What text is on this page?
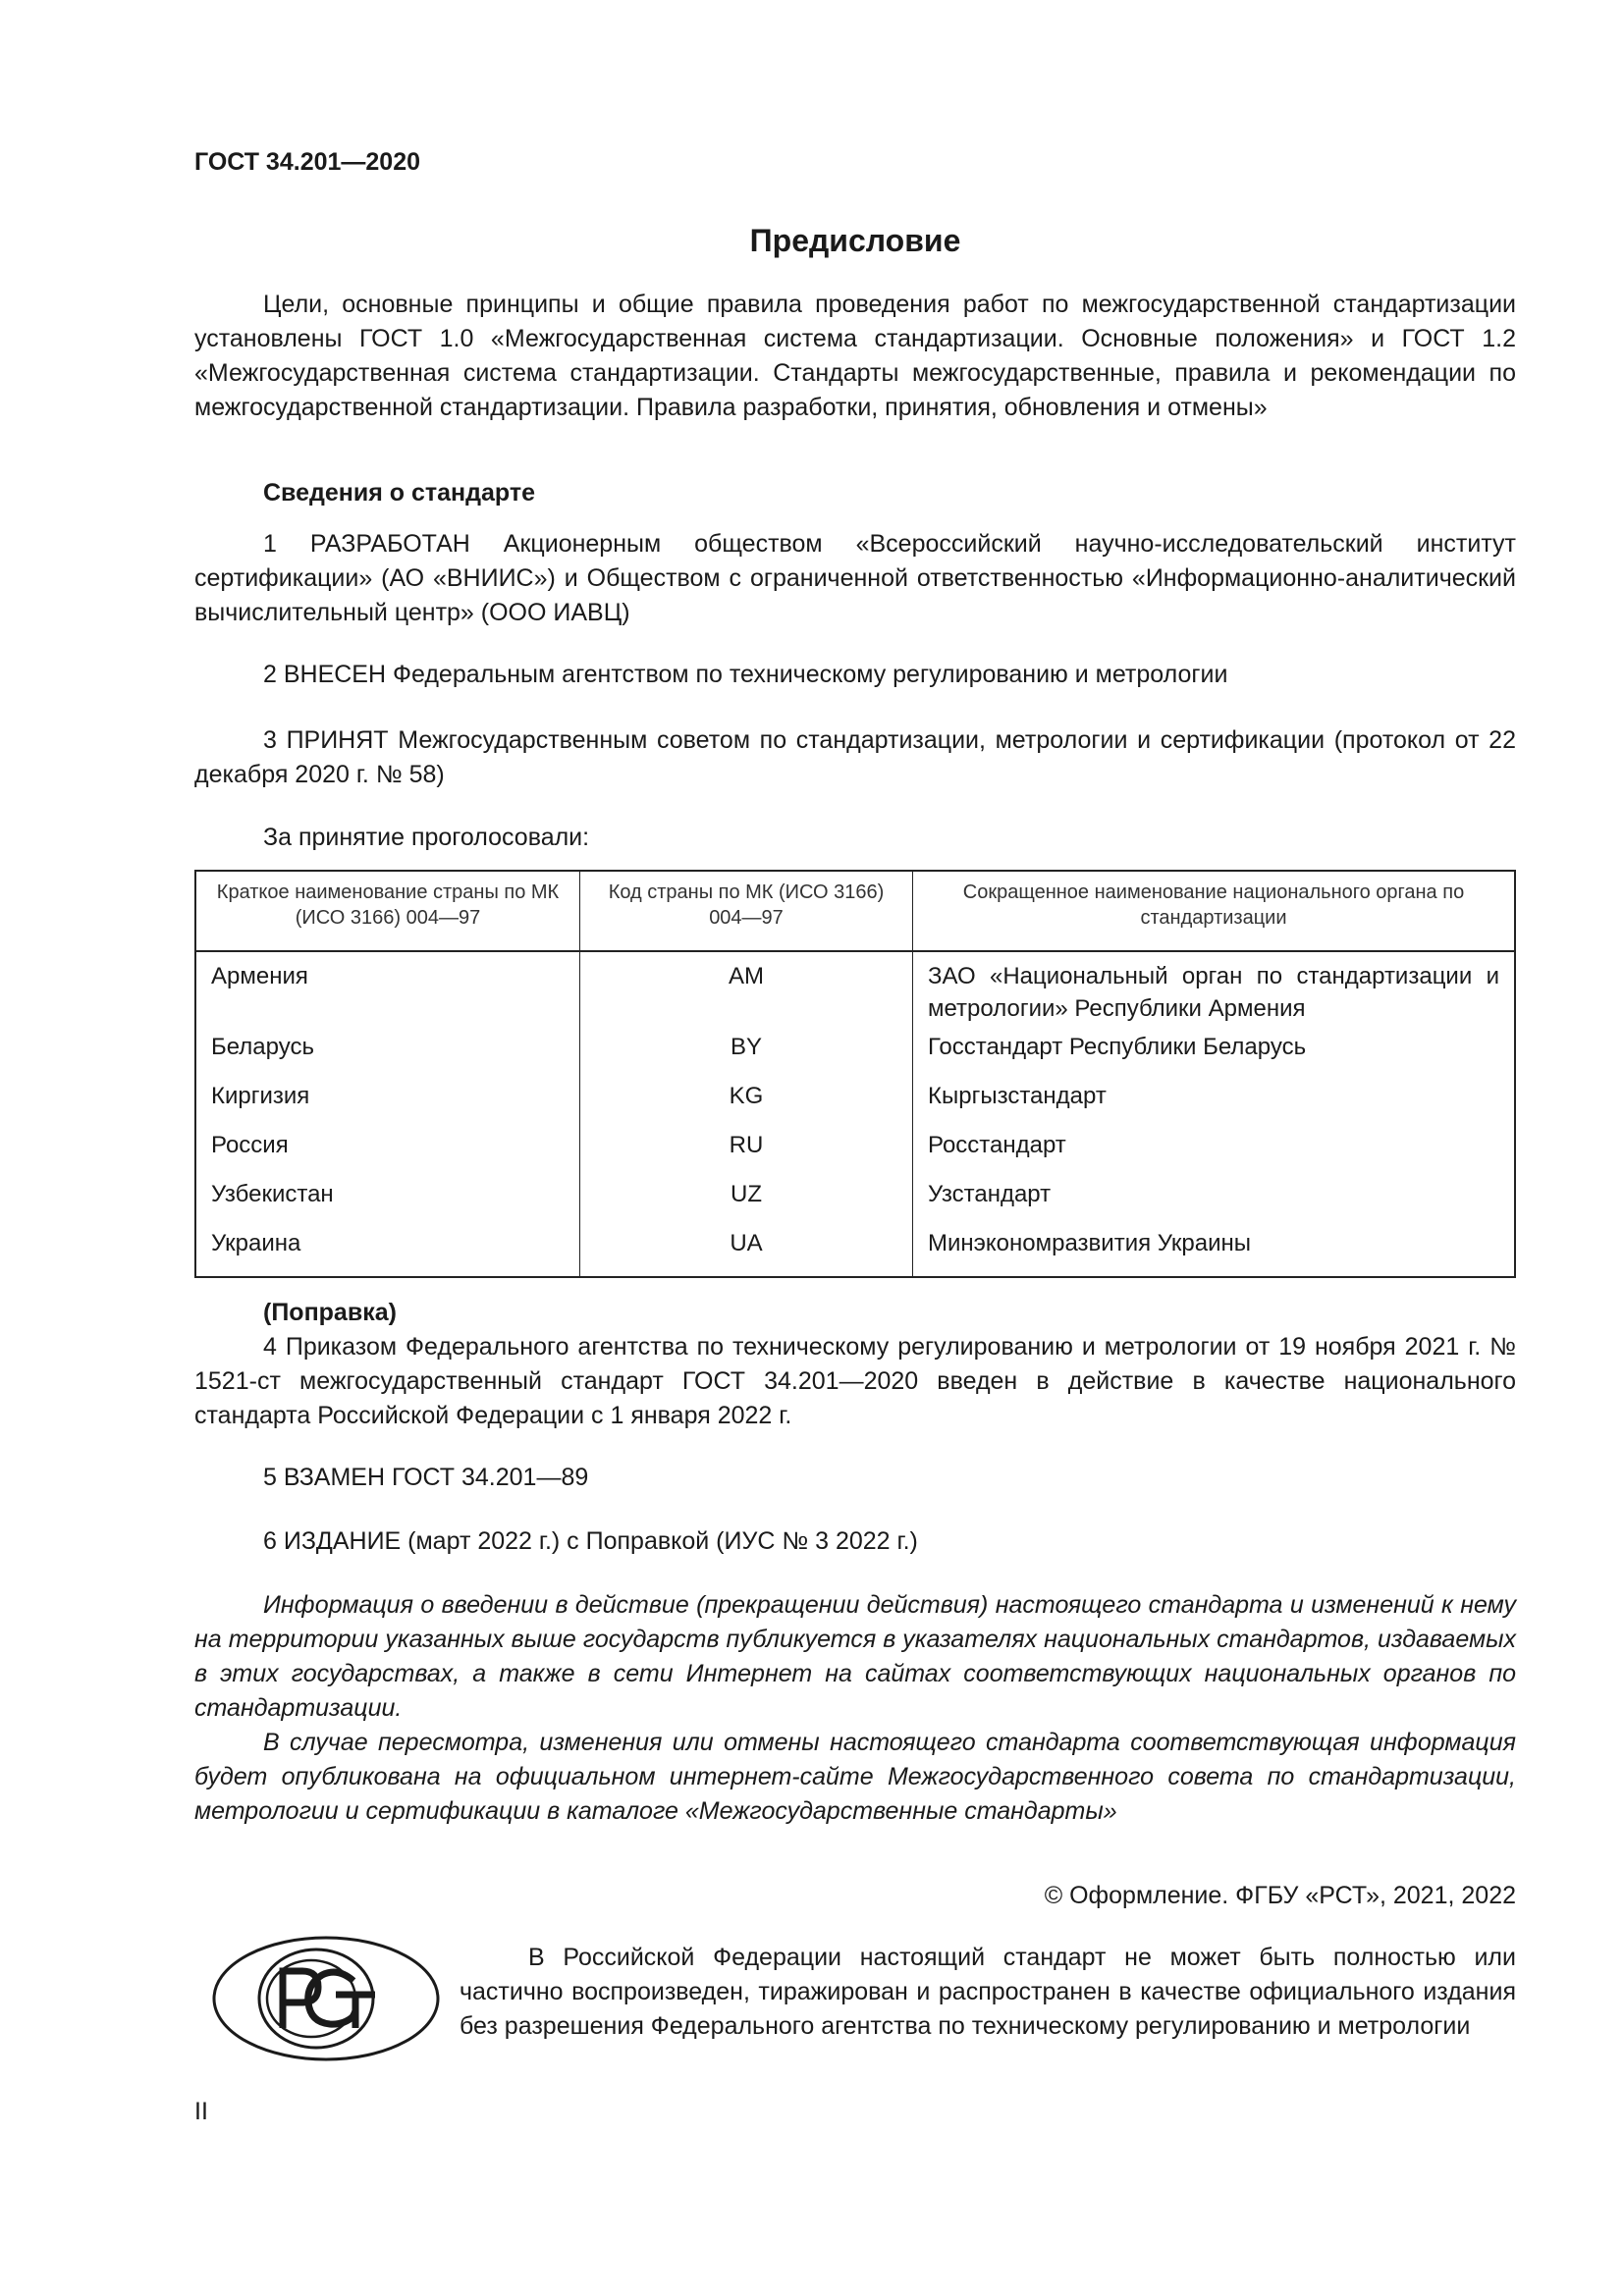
ГОСТ 34.201—2020
Предисловие
Цели, основные принципы и общие правила проведения работ по межгосударственной стандартизации установлены ГОСТ 1.0 «Межгосударственная система стандартизации. Основные положения» и ГОСТ 1.2 «Межгосударственная система стандартизации. Стандарты межгосударственные, правила и рекомендации по межгосударственной стандартизации. Правила разработки, принятия, обновления и отмены»
Сведения о стандарте
1 РАЗРАБОТАН Акционерным обществом «Всероссийский научно-исследовательский институт сертификации» (АО «ВНИИС») и Обществом с ограниченной ответственностью «Информационно-аналитический вычислительный центр» (ООО ИАВЦ)
2 ВНЕСЕН Федеральным агентством по техническому регулированию и метрологии
3 ПРИНЯТ Межгосударственным советом по стандартизации, метрологии и сертификации (протокол от 22 декабря 2020 г. № 58)
За принятие проголосовали:
Краткое наименование страны по МК (ИСО 3166) 004—97	Код страны по МК (ИСО 3166) 004—97	Сокращенное наименование национального органа по стандартизации
Армения	AM	ЗАО «Национальный орган по стандартизации и метрологии» Республики Армения
Беларусь	BY	Госстандарт Республики Беларусь
Киргизия	KG	Кыргызстандарт
Россия	RU	Росстандарт
Узбекистан	UZ	Узстандарт
Украина	UA	Минэкономразвития Украины
(Поправка)
4 Приказом Федерального агентства по техническому регулированию и метрологии от 19 ноября 2021 г. № 1521-ст межгосударственный стандарт ГОСТ 34.201—2020 введен в действие в качестве национального стандарта Российской Федерации с 1 января 2022 г.
5 ВЗАМЕН ГОСТ 34.201—89
6 ИЗДАНИЕ (март 2022 г.) с Поправкой (ИУС № 3 2022 г.)

Информация о введении в действие (прекращении действия) настоящего стандарта и изменений к нему на территории указанных выше государств публикуется в указателях национальных стандартов, издаваемых в этих государствах, а также в сети Интернет на сайтах соответствующих национальных органов по стандартизации.

В случае пересмотра, изменения или отмены настоящего стандарта соответствующая информация будет опубликована на официальном интернет-сайте Межгосударственного совета по стандартизации, метрологии и сертификации в каталоге «Межгосударственные стандарты»

© Оформление. ФГБУ «РСТ», 2021, 2022

В Российской Федерации настоящий стандарт не может быть полностью или частично воспроизведен, тиражирован и распространен в качестве официального издания без разрешения Федерального агентства по техническому регулированию и метрологии

II
